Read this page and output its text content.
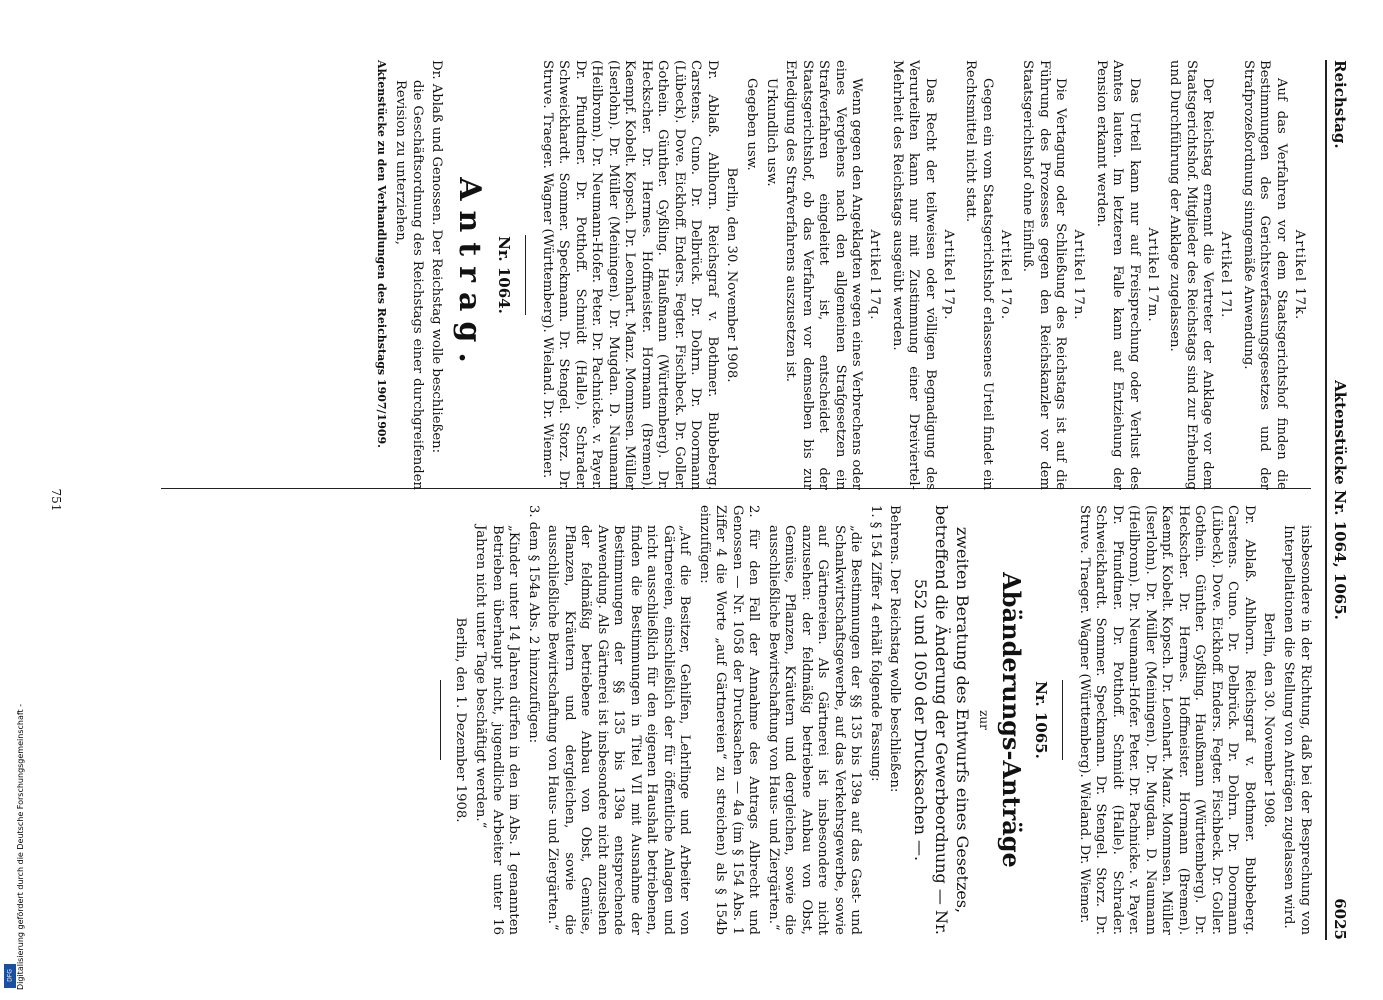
Reichstag.
Aktenstücke Nr. 1064, 1065.
6025
Artikel 17k.

Auf das Verfahren vor dem Staatsgerichtshof finden die Bestimmungen des Gerichtsverfassungsgesetzes und der Strafprozeßordnung sinngemäße Anwendung.

Artikel 17l.

Der Reichstag ernennt die Vertreter der Anklage vor dem Staatsgerichtshof. Mitglieder des Reichstags sind zur Erhebung und Durchführung der Anklage zugelassen.

Artikel 17m.

Das Urteil kann nur auf Freisprechung oder Verlust des Amtes lauten. Im letzteren Falle kann auf Entziehung der Pension erkannt werden.

Artikel 17n.

Die Vertagung oder Schließung des Reichstags ist auf die Führung des Prozesses gegen den Reichskanzler vor dem Staatsgerichtshof ohne Einfluß.

Artikel 17o.

Gegen ein vom Staatsgerichtshof erlassenes Urteil findet ein Rechtsmittel nicht statt.

Artikel 17p.

Das Recht der teilweisen oder völligen Begnadigung des Verurteilten kann nur mit Zustimmung einer Dreiviertel-Mehrheit des Reichstags ausgeübt werden.

Artikel 17q.

Wenn gegen den Angeklagten wegen eines Verbrechens oder eines Vergehens nach den allgemeinen Strafgesetzen ein Strafverfahren eingeleitet ist, entscheidet der Staatsgerichtshof, ob das Verfahren vor demselben bis zur Erledigung des Strafverfahrens auszusetzen ist.

Urkundlich usw.

Gegeben usw.

Berlin, den 30. November 1908.

Dr. Ablaß. Ahlhorn. Reichsgraf v. Bothmer. Bubbeberg. Carstens. Cuno. Dr. Delbrück. Dr. Dohrn. Dr. Doormann (Lübeck). Dove. Eickhoff. Enders. Fegter. Fischbeck. Dr. Goller. Gothein. Günther. Gyßling. Haußmann (Württemberg). Dr. Heckscher. Dr. Hermes. Hoffmeister. Hormann (Bremen). Kaempf. Kobelt. Kopsch. Dr. Leonhart. Manz. Mommsen. Müller (Iserlohn). Dr. Müller (Meiningen). Dr. Mugdan. D. Naumann (Heilbronn). Dr. Neumann-Hofer. Peter. Dr. Pachnicke. v. Payer. Dr. Pfundtner. Dr. Potthoff. Schmidt (Halle). Schrader. Schweickhardt. Sommer. Speckmann. Dr. Stengel. Storz. Dr. Struve. Traeger. Wagner (Württemberg). Wieland. Dr. Wiemer.

Nr. 1064.
Antrag.

Dr. Ablaß und Genossen. Der Reichstag wolle beschließen:

die Geschäftsordnung des Reichstags einer durchgreifenden Revision zu unterziehen,

Aktenstücke zu den Verhandlungen des Reichstags 1907/1909.

insbesondere in der Richtung, daß bei der Besprechung von Interpellationen die Stellung von Anträgen zugelassen wird.

Berlin, den 30. November 1908.

Dr. Ablaß. Ahlhorn. Reichsgraf v. Bothmer. Bubbeberg. Carstens. Cuno. Dr. Delbrück. Dr. Dohrn. Dr. Doormann (Lübeck). Dove. Eickhoff. Enders. Fegter. Fischbeck. Dr. Goller. Gothein. Günther. Gyßling. Haußmann (Württemberg). Dr. Heckscher. Dr. Hermes. Hoffmeister. Hormann (Bremen). Kaempf. Kobelt. Kopsch. Dr. Leonhart. Manz. Mommsen. Müller (Iserlohn). Dr. Müller (Meiningen). Dr. Mugdan. D. Naumann (Heilbronn). Dr. Neumann-Hofer. Peter. Dr. Pachnicke. v. Payer. Dr. Pfundtner. Dr. Potthoff. Schmidt (Halle). Schrader. Schweickhardt. Sommer. Speckmann. Dr. Stengel. Storz. Dr. Struve. Traeger. Wagner (Württemberg). Wieland. Dr. Wiemer.

Nr. 1065.
Abänderungs-Anträge
zur
zweiten Beratung des Entwurfs eines Gesetzes, betreffend die Änderung der Gewerbeordnung — Nr. 552 und 1050 der Drucksachen —.

Behrens. Der Reichstag wolle beschließen:

1. § 154 Ziffer 4 erhält folgende Fassung:

„die Bestimmungen der §§ 135 bis 139a auf das Gast- und Schankwirtschaftsgewerbe, auf das Verkehrsgewerbe, sowie auf Gärtnereien. Als Gärtnerei ist insbesondere nicht anzusehen: der feldmäßig betriebene Anbau von Obst, Gemüse, Pflanzen, Kräutern und dergleichen, sowie die ausschließliche Bewirtschaftung von Haus- und Ziergärten.“

2. für den Fall der Annahme des Antrags Albrecht und Genossen — Nr. 1058 der Drucksachen — 4a (im § 154 Abs. 1 Ziffer 4 die Worte „auf Gärtnereien“ zu streichen) als § 154b einzufügen:

„Auf die Besitzer, Gehilfen, Lehrlinge und Arbeiter von Gärtnereien, einschließlich der für öffentliche Anlagen und nicht ausschließlich für den eigenen Haushalt betriebenen, finden die Bestimmungen in Titel VII mit Ausnahme der Bestimmungen der §§ 135 bis 139a entsprechende Anwendung. Als Gärtnerei ist insbesondere nicht anzusehen der feldmäßig betriebene Anbau von Obst, Gemüse, Pflanzen, Kräutern und dergleichen, sowie die ausschließliche Bewirtschaftung von Haus- und Ziergärten.“

3. dem § 154a Abs. 2 hinzuzufügen:

„Kinder unter 14 Jahren dürfen in den im Abs. 1 genannten Betrieben überhaupt nicht, jugendliche Arbeiter unter 16 Jahren nicht unter Tage beschäftigt werden.“

Berlin, den 1. Dezember 1908.
751
Digitalisierung gefördert durch die Deutsche Forschungsgemeinschaft -
DFG
